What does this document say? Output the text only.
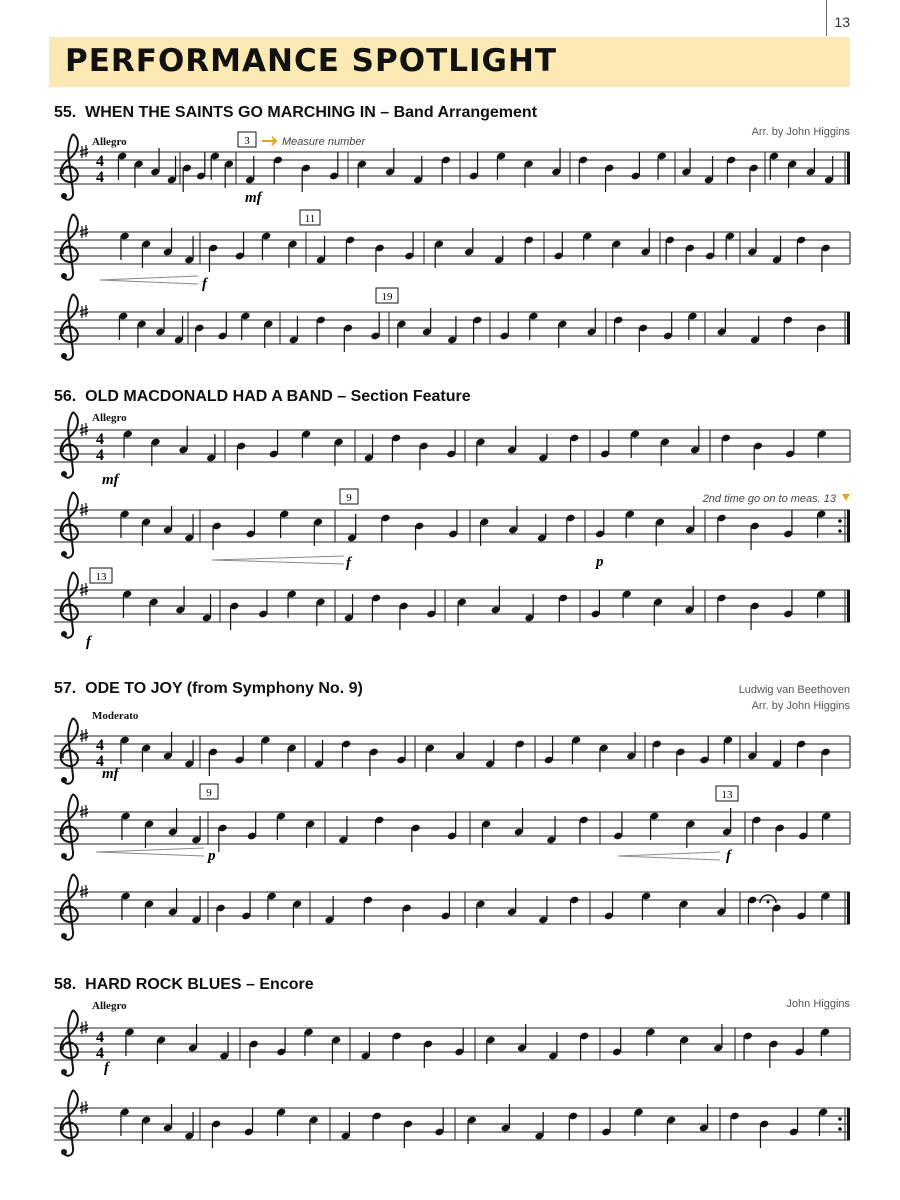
13
PERFORMANCE SPOTLIGHT
55. WHEN THE SAINTS GO MARCHING IN – Band Arrangement
Arr. by John Higgins
Allegro
56. OLD MACDONALD HAD A BAND – Section Feature
Allegro
57. ODE TO JOY (from Symphony No. 9)	Ludwig van Beethoven
Arr. by John Higgins
Moderato
58. HARD ROCK BLUES – Encore
John Higgins
Allegro
4
4
4
4
4
4
4
4
3	Measure number
11
19
9
13
9	13
2nd time go on to meas. 13
mf
f
mf
f	p
f
mf
p	f
f
